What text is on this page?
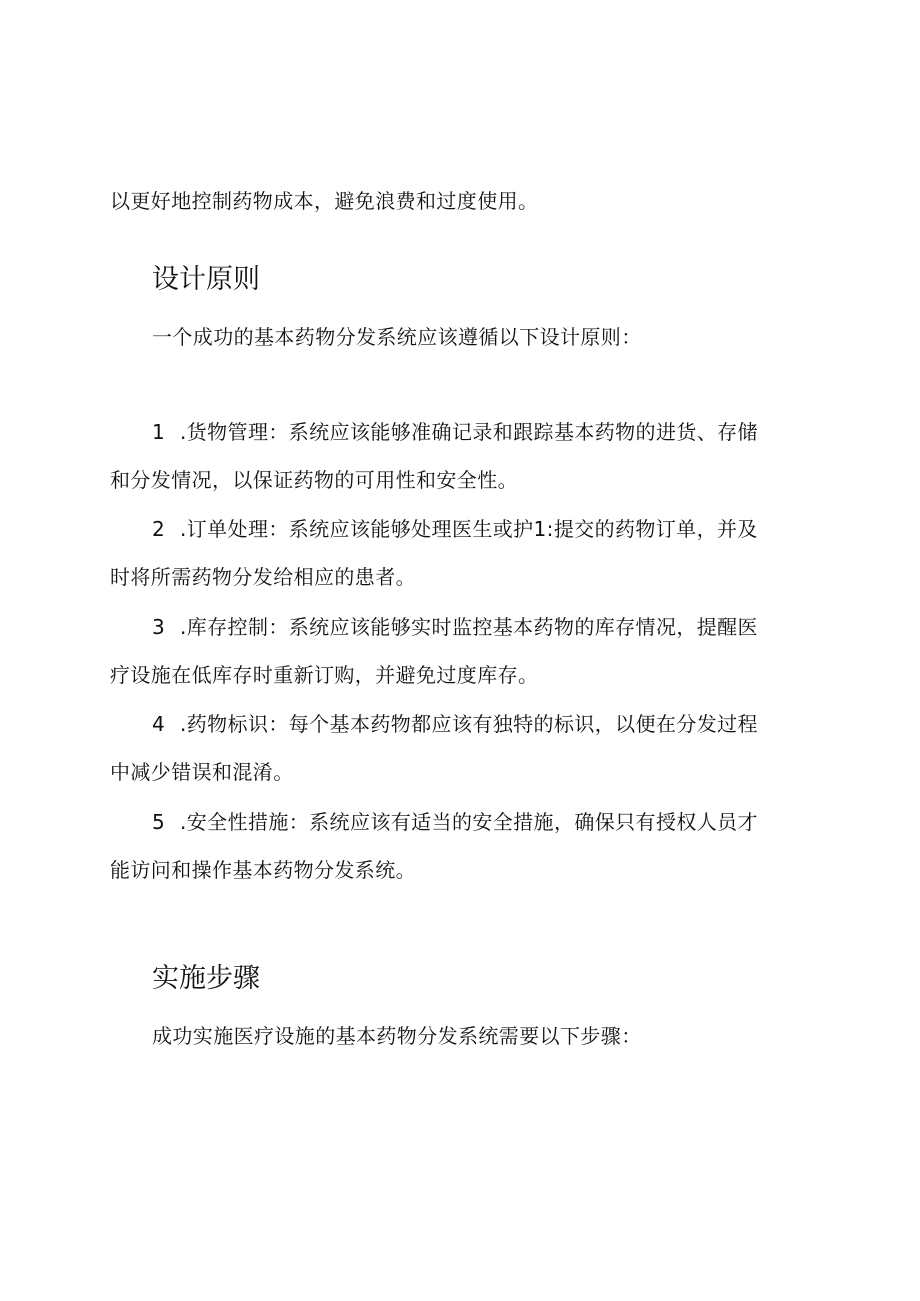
以更好地控制药物成本，避免浪费和过度使用。
设计原则
一个成功的基本药物分发系统应该遵循以下设计原则：
1 .货物管理：系统应该能够准确记录和跟踪基本药物的进货、存储
和分发情况，以保证药物的可用性和安全性。
2 .订单处理：系统应该能够处理医生或护1:提交的药物订单，并及
时将所需药物分发给相应的患者。
3 .库存控制：系统应该能够实时监控基本药物的库存情况，提醒医
疗设施在低库存时重新订购，并避免过度库存。
4 .药物标识：每个基本药物都应该有独特的标识，以便在分发过程
中减少错误和混淆。
5 .安全性措施：系统应该有适当的安全措施，确保只有授权人员才
能访问和操作基本药物分发系统。
实施步骤
成功实施医疗设施的基本药物分发系统需要以下步骤：
